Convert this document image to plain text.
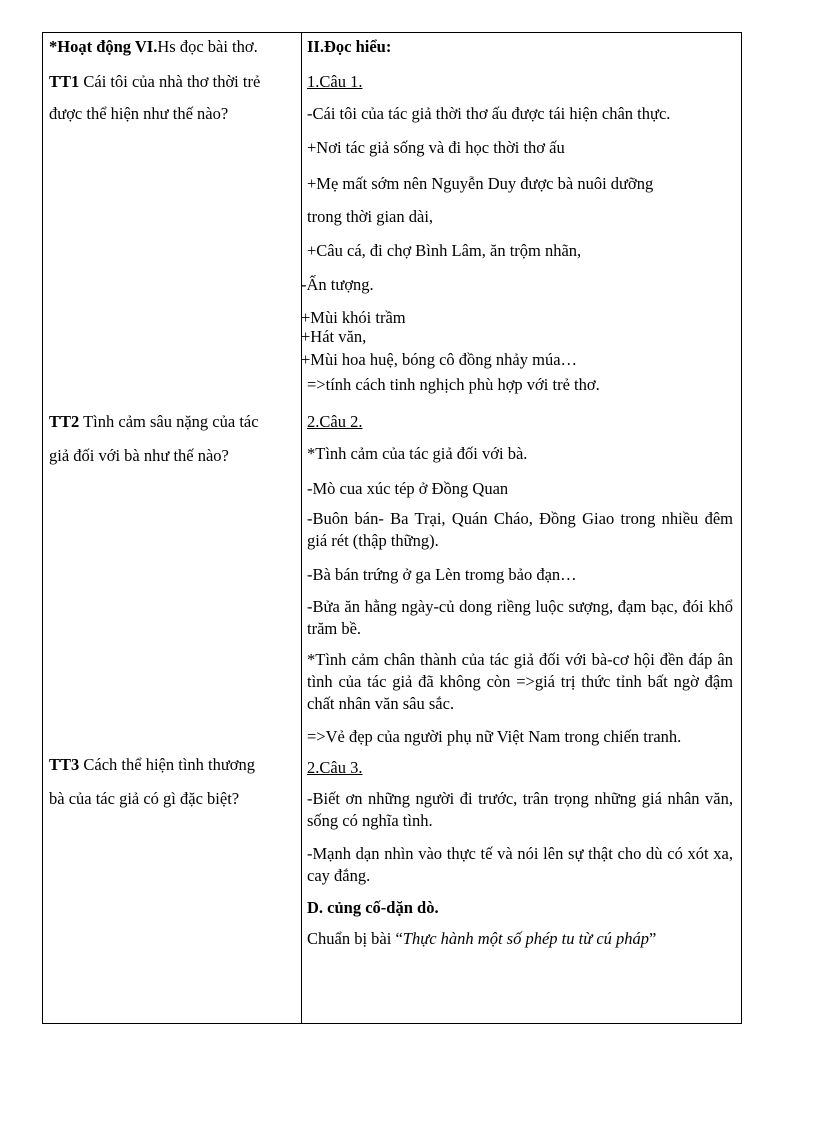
*Hoạt động VI.Hs đọc bài thơ.
TT1 Cái tôi của nhà thơ thời trẻ
được thể hiện như thế nào?
TT2 Tình cảm sâu nặng của tác
giả đối với bà như thế nào?
TT3 Cách thể hiện tình thương
bà của tác giả có gì đặc biệt?
II.Đọc hiểu:
1.Câu 1.
-Cái tôi của tác giả thời thơ ấu được tái hiện chân thực.
+Nơi tác giả sống và đi học thời thơ ấu
+Mẹ mất sớm nên Nguyễn Duy được bà nuôi dưỡng
trong thời gian dài,
+Câu cá, đi chợ Bình Lâm, ăn trộm nhãn,
-Ấn tượng.
+Mùi khói trầm
+Hát văn,
+Mùi hoa huệ, bóng cô đồng nhảy múa…
=>tính cách tinh nghịch phù hợp với trẻ thơ.
2.Câu 2.
*Tình cảm của tác giả đối với bà.
-Mò cua xúc tép ở Đồng Quan
-Buôn bán- Ba Trại, Quán Cháo, Đồng Giao trong nhiều đêm giá rét (thập thững).
-Bà bán trứng ở ga Lèn tromg bảo đạn…
-Bửa ăn hằng ngày-củ dong riềng luộc sượng, đạm bạc, đói khổ trăm bề.
*Tình cảm chân thành của tác giả đối với bà-cơ hội đền đáp ân tình của tác giả đã không còn =>giá trị thức tỉnh bất ngờ đậm chất nhân văn sâu sắc.
=>Vẻ đẹp của người phụ nữ Việt Nam trong chiến tranh.
2.Câu 3.
-Biết ơn những người đi trước, trân trọng những giá nhân văn, sống có nghĩa tình.
-Mạnh dạn nhìn vào thực tế và nói lên sự thật cho dù có xót xa, cay đắng.
D. củng cố-dặn dò.
Chuẩn bị bài “Thực hành một số phép tu từ cú pháp”
